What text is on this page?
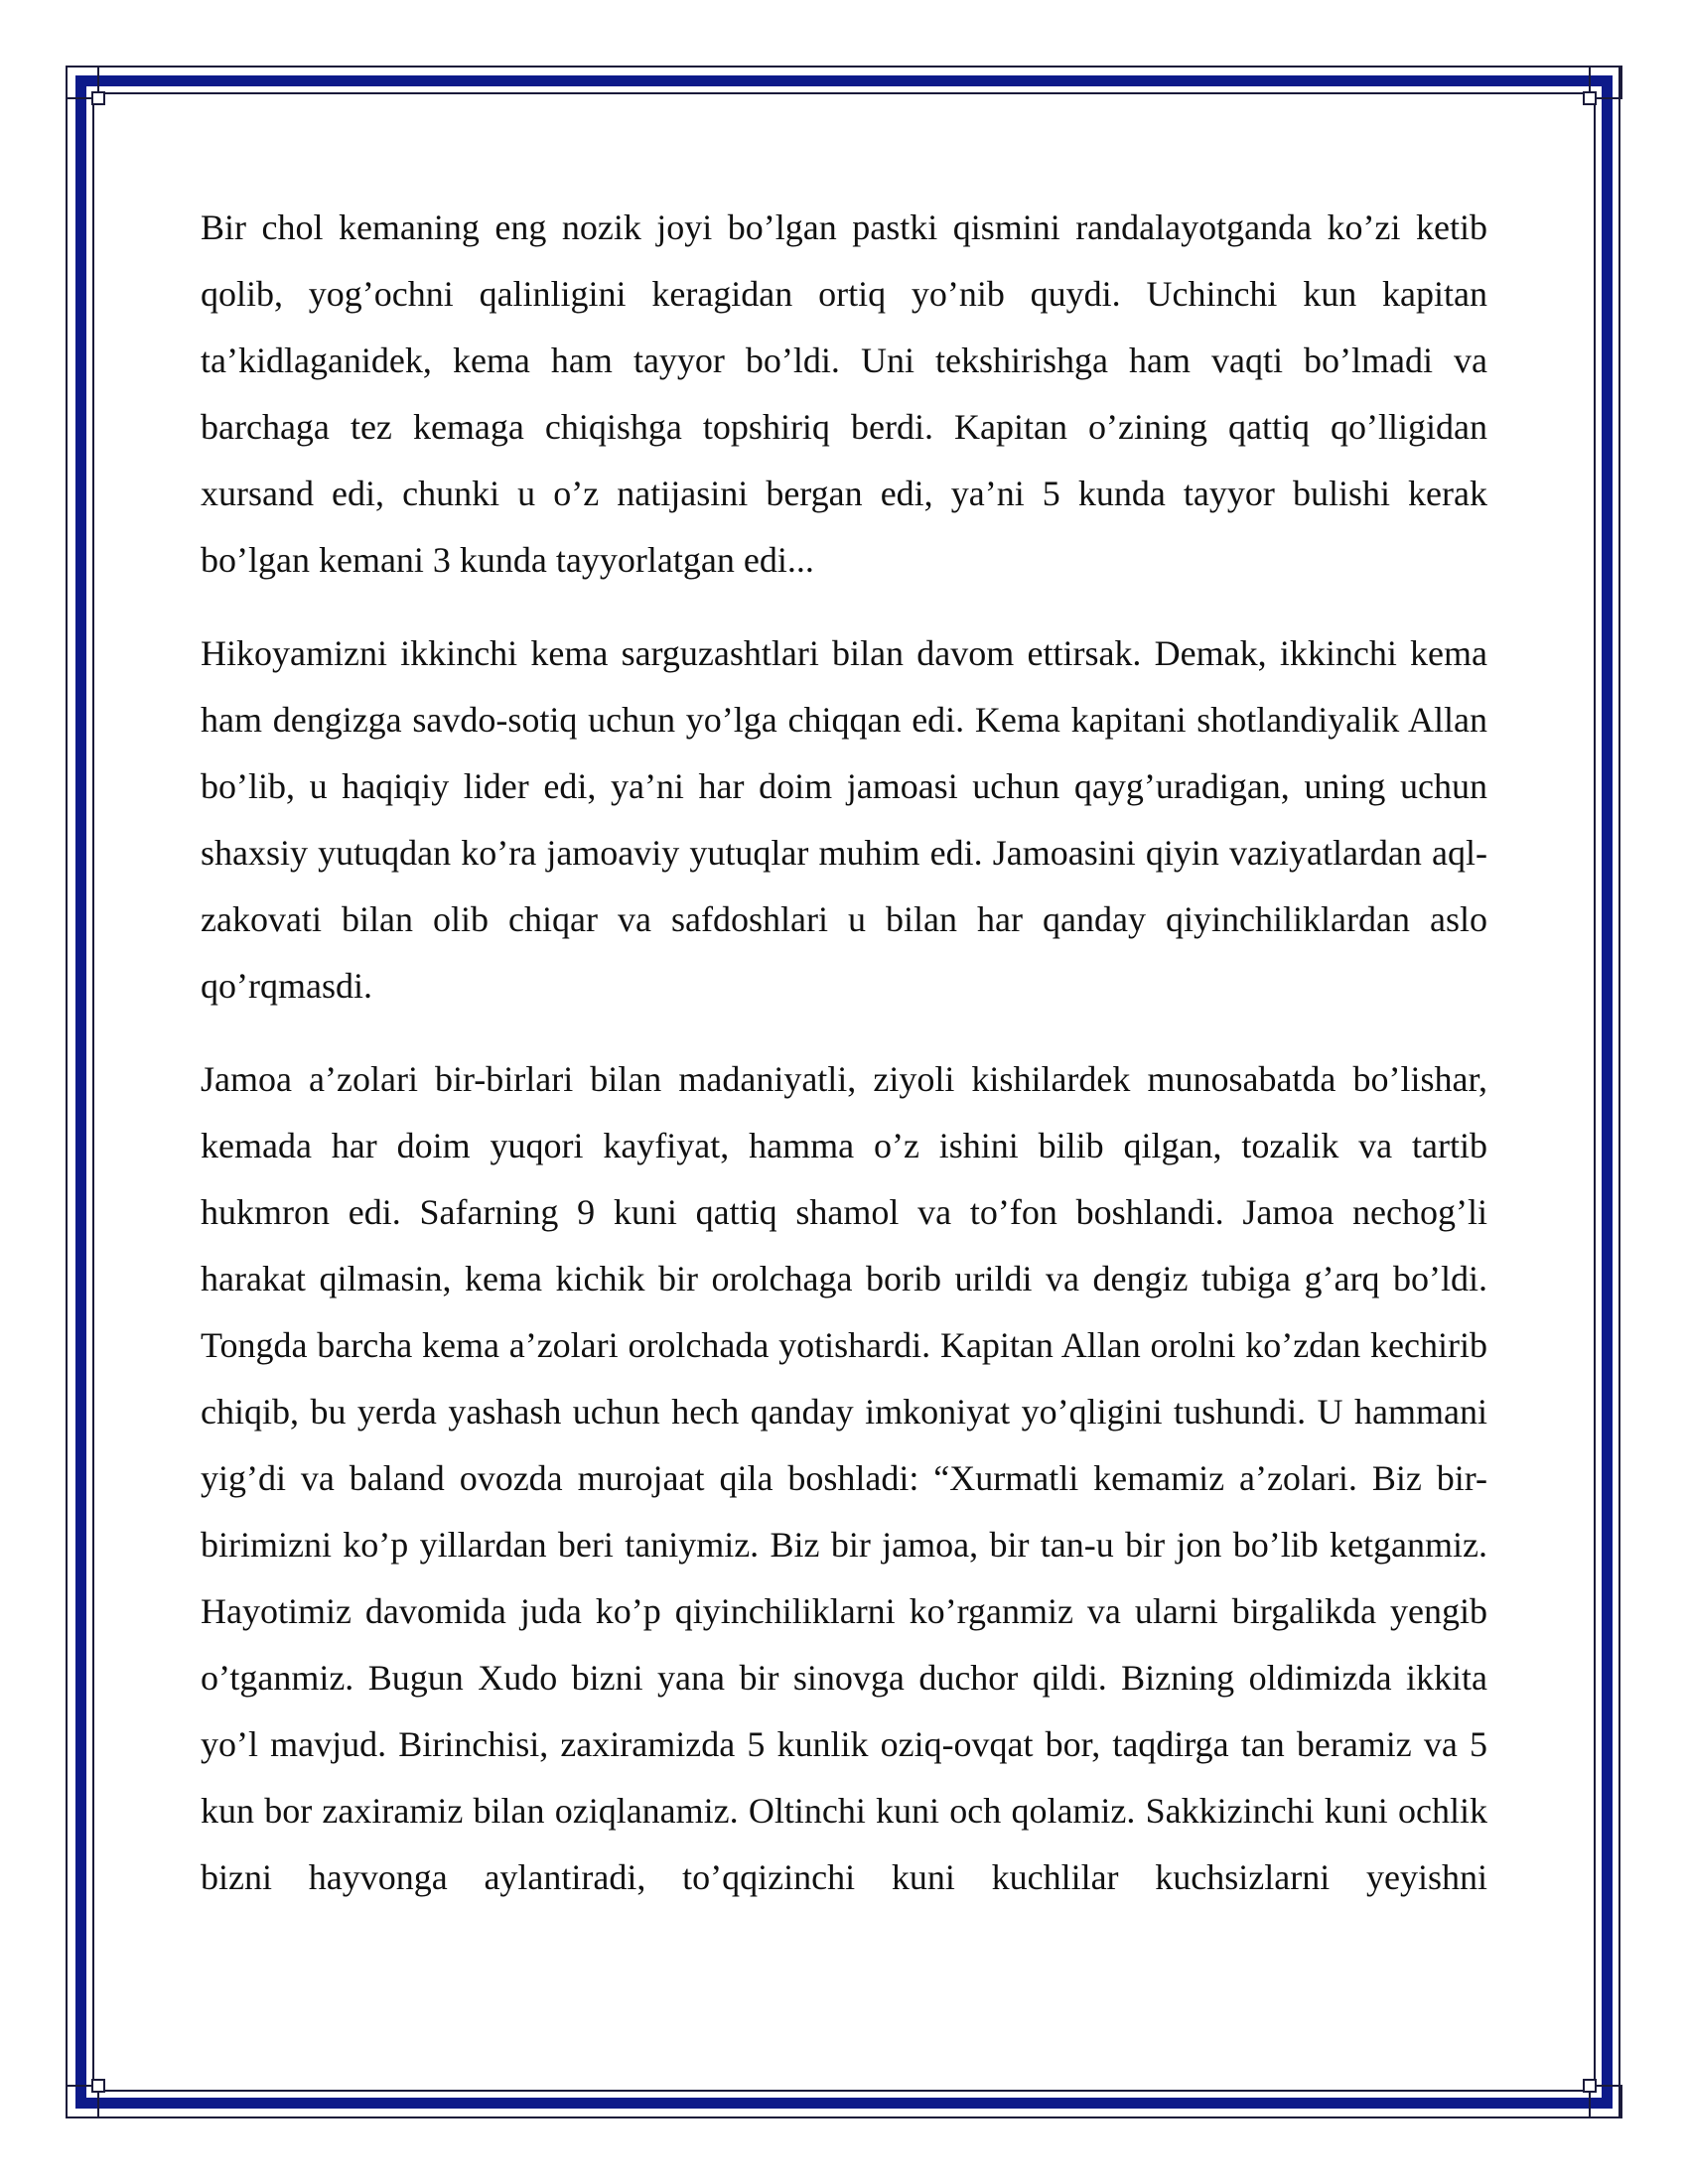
Bir chol kemaning eng nozik joyi bo’lgan pastki qismini randalayotganda ko’zi ketib qolib, yog’ochni qalinligini keragidan ortiq yo’nib quydi. Uchinchi kun kapitan ta’kidlaganidek, kema ham tayyor bo’ldi. Uni tekshirishga ham vaqti bo’lmadi va barchaga tez kemaga chiqishga topshiriq berdi. Kapitan o’zining qattiq qo’lligidan xursand edi, chunki u o’z natijasini bergan edi, ya’ni 5 kunda tayyor bulishi kerak bo’lgan kemani 3 kunda tayyorlatgan edi...

Hikoyamizni ikkinchi kema sarguzashtlari bilan davom ettirsak. Demak, ikkinchi kema ham dengizga savdo-sotiq uchun yo’lga chiqqan edi. Kema kapitani shotlandiyalik Allan bo’lib, u haqiqiy lider edi, ya’ni har doim jamoasi uchun qayg’uradigan, uning uchun shaxsiy yutuqdan ko’ra jamoaviy yutuqlar muhim edi. Jamoasini qiyin vaziyatlardan aql-zakovati bilan olib chiqar va safdoshlari u bilan har qanday qiyinchiliklardan aslo qo’rqmasdi.

Jamoa a’zolari bir-birlari bilan madaniyatli, ziyoli kishilardek munosabatda bo’lishar, kemada har doim yuqori kayfiyat, hamma o’z ishini bilib qilgan, tozalik va tartib hukmron edi. Safarning 9 kuni qattiq shamol va to’fon boshlandi. Jamoa nechog’li harakat qilmasin, kema kichik bir orolchaga borib urildi va dengiz tubiga g’arq bo’ldi. Tongda barcha kema a’zolari orolchada yotishardi. Kapitan Allan orolni ko’zdan kechirib chiqib, bu yerda yashash uchun hech qanday imkoniyat yo’qligini tushundi. U hammani yig’di va baland ovozda murojaat qila boshladi: “Xurmatli kemamiz a’zolari. Biz bir-birimizni ko’p yillardan beri taniymiz. Biz bir jamoa, bir tan-u bir jon bo’lib ketganmiz. Hayotimiz davomida juda ko’p qiyinchiliklarni ko’rganmiz va ularni birgalikda yengib o’tganmiz. Bugun Xudo bizni yana bir sinovga duchor qildi. Bizning oldimizda ikkita yo’l mavjud. Birinchisi, zaxiramizda 5 kunlik oziq-ovqat bor, taqdirga tan beramiz va 5 kun bor zaxiramiz bilan oziqlanamiz. Oltinchi kuni och qolamiz. Sakkizinchi kuni ochlik bizni hayvonga aylantiradi, to’qqizinchi kuni kuchlilar kuchsizlarni yeyishni
